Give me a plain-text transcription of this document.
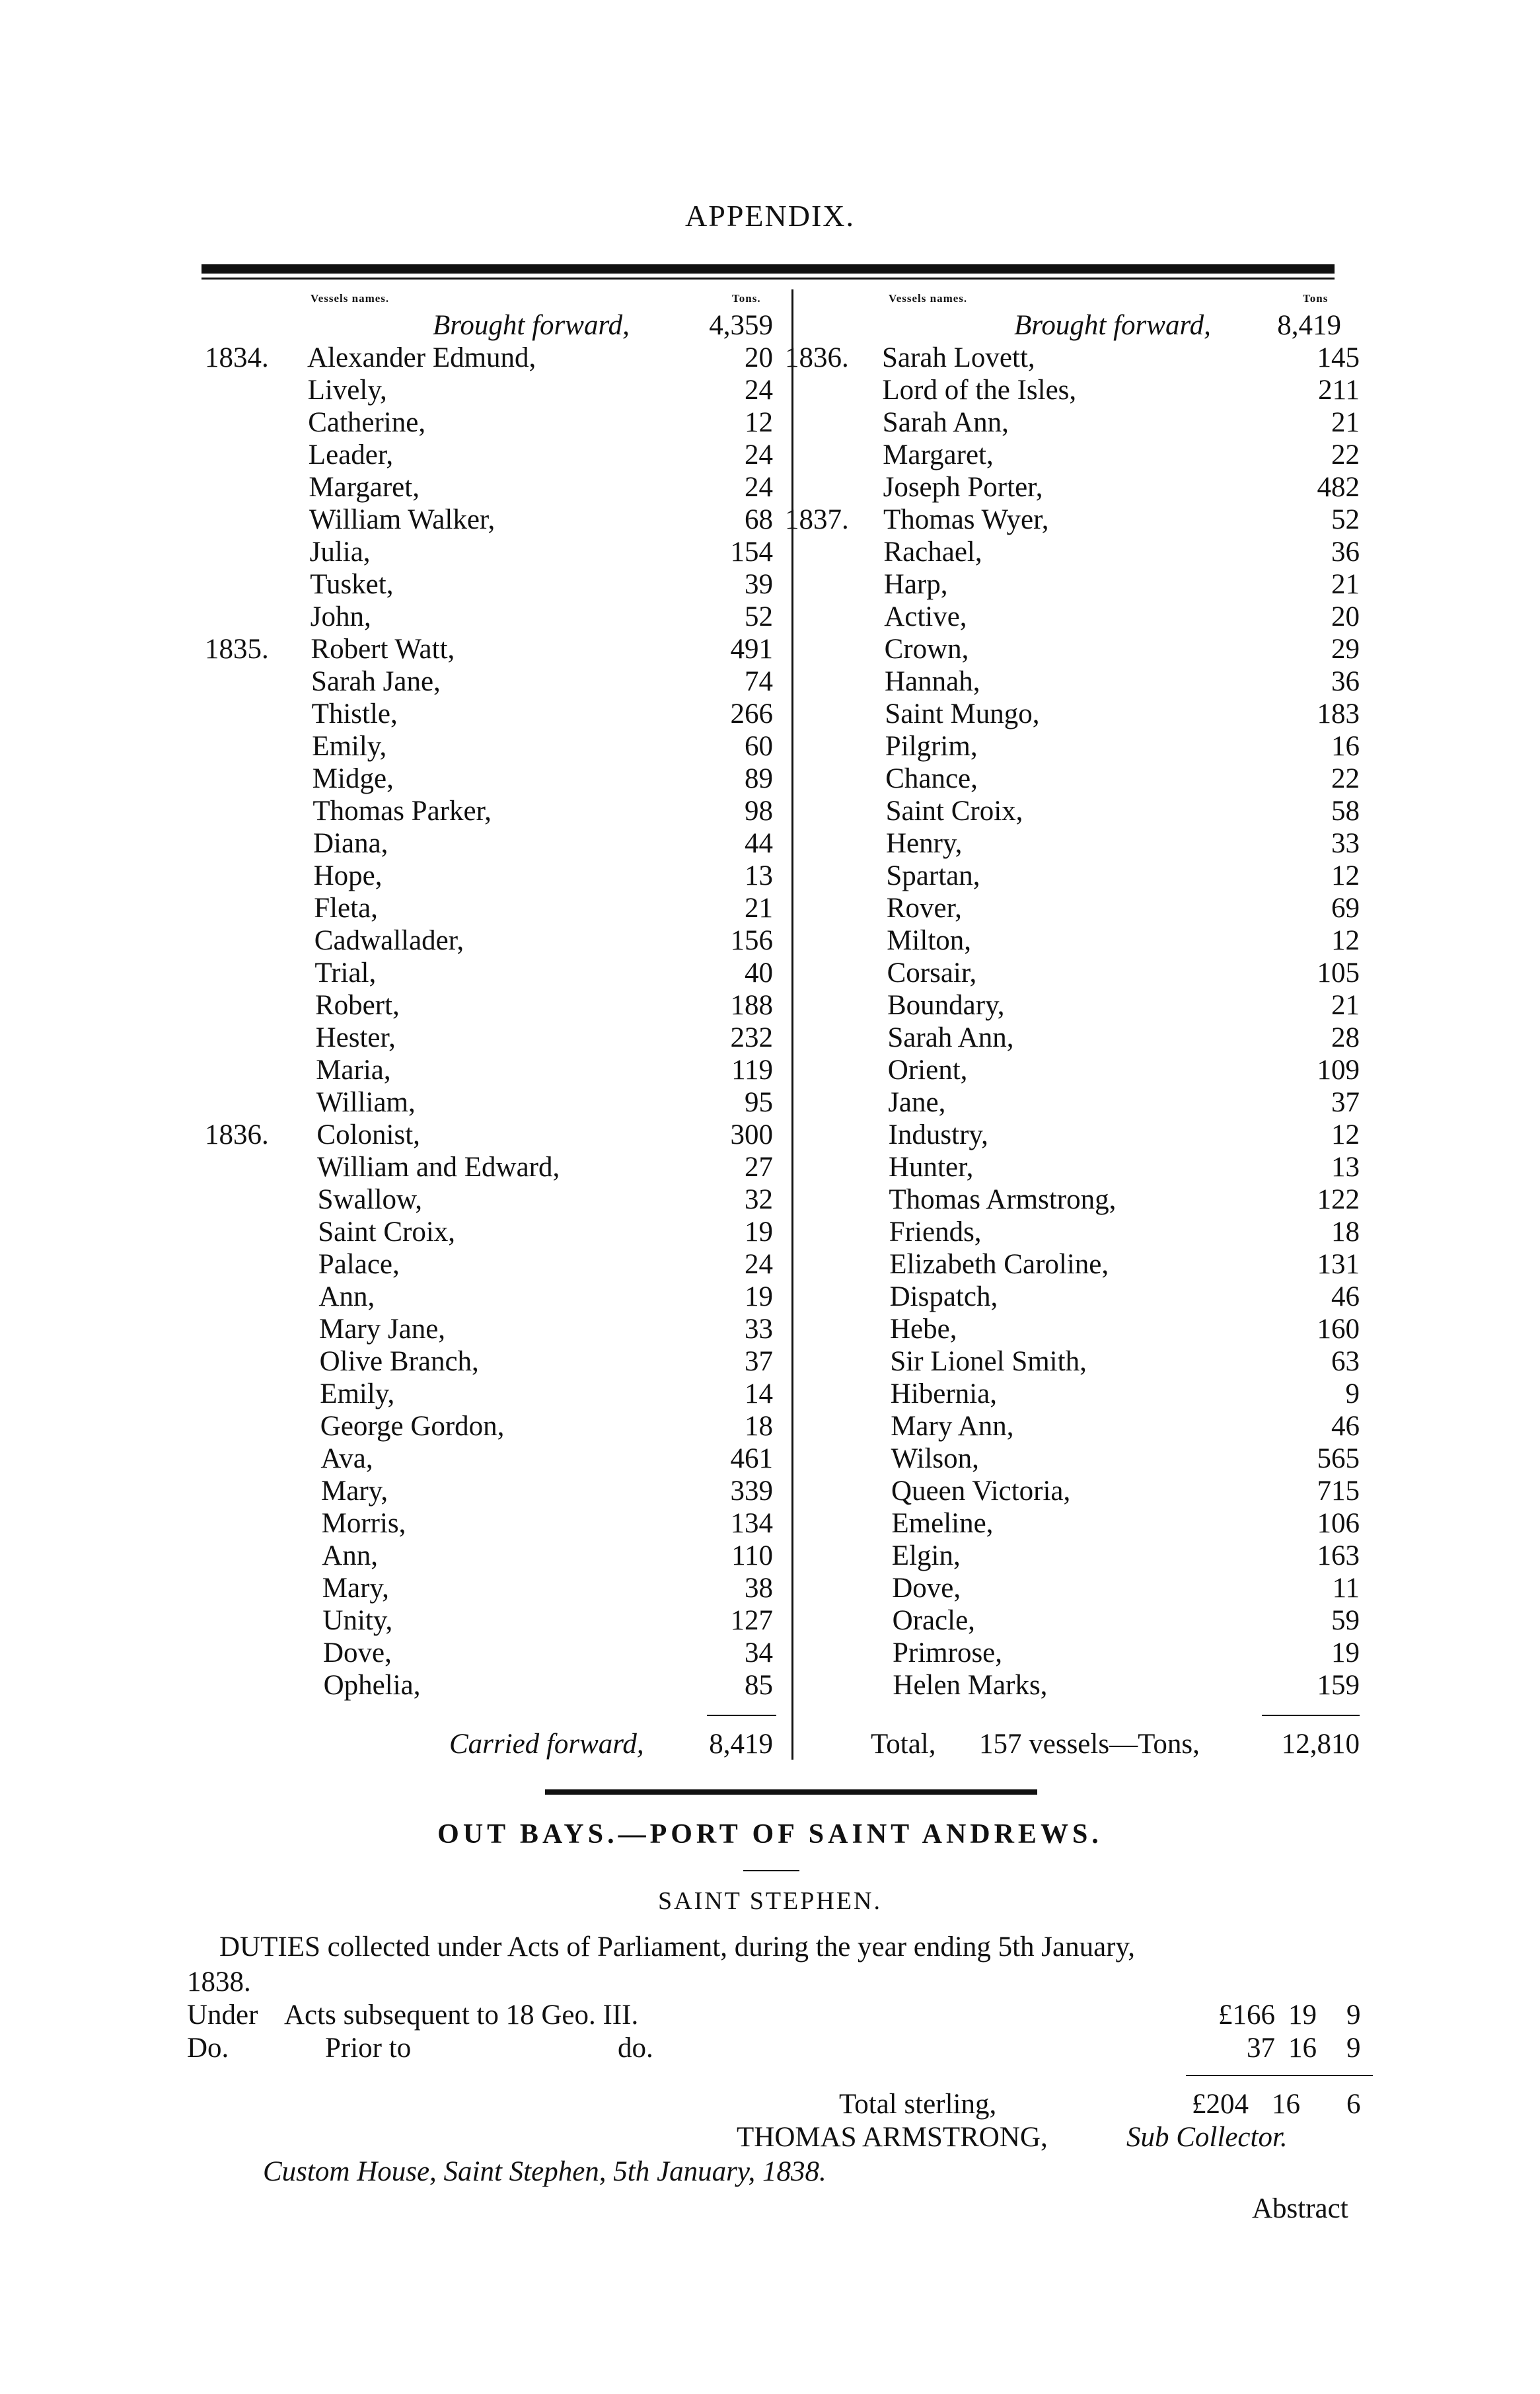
APPENDIX.
Vessels names.	Tons.	Vessels names.	Tons
Brought forward,	4,359	Brought forward,	8,419
1834. Alexander Edmund,	20
Lively,	24
Catherine,	12
Leader,	24
Margaret,	24
William Walker,	68
Julia,	154
Tusket,	39
John,	52
1835. Robert Watt,	491
Sarah Jane,	74
Thistle,	266
Emily,	60
Midge,	89
Thomas Parker,	98
Diana,	44
Hope,	13
Fleta,	21
Cadwallader,	156
Trial,	40
Robert,	188
Hester,	232
Maria,	119
William,	95
1836. Colonist,	300
William and Edward,	27
Swallow,	32
Saint Croix,	19
Palace,	24
Ann,	19
Mary Jane,	33
Olive Branch,	37
Emily,	14
George Gordon,	18
Ava,	461
Mary,	339
Morris,	134
Ann,	110
Mary,	38
Unity,	127
Dove,	34
Ophelia,	85
1836. Sarah Lovett,	145
Lord of the Isles,	211
Sarah Ann,	21
Margaret,	22
Joseph Porter,	482
1837. Thomas Wyer,	52
Rachael,	36
Harp,	21
Active,	20
Crown,	29
Hannah,	36
Saint Mungo,	183
Pilgrim,	16
Chance,	22
Saint Croix,	58
Henry,	33
Spartan,	12
Rover,	69
Milton,	12
Corsair,	105
Boundary,	21
Sarah Ann,	28
Orient,	109
Jane,	37
Industry,	12
Hunter,	13
Thomas Armstrong,	122
Friends,	18
Elizabeth Caroline,	131
Dispatch,	46
Hebe,	160
Sir Lionel Smith,	63
Hibernia,	9
Mary Ann,	46
Wilson,	565
Queen Victoria,	715
Emeline,	106
Elgin,	163
Dove,	11
Oracle,	59
Primrose,	19
Helen Marks,	159
Carried forward,	8,419	Total, 157 vessels—Tons,	12,810
OUT BAYS.—PORT OF SAINT ANDREWS.
SAINT STEPHEN.
DUTIES collected under Acts of Parliament, during the year ending 5th January,
1838.
Under Acts subsequent to 18 Geo. III.	£166 19 9
Do.	Prior to	do.	37 16 9
Total sterling,	£204 16 6
THOMAS ARMSTRONG,	Sub Collector.
Custom House, Saint Stephen, 5th January, 1838.
Abstract
